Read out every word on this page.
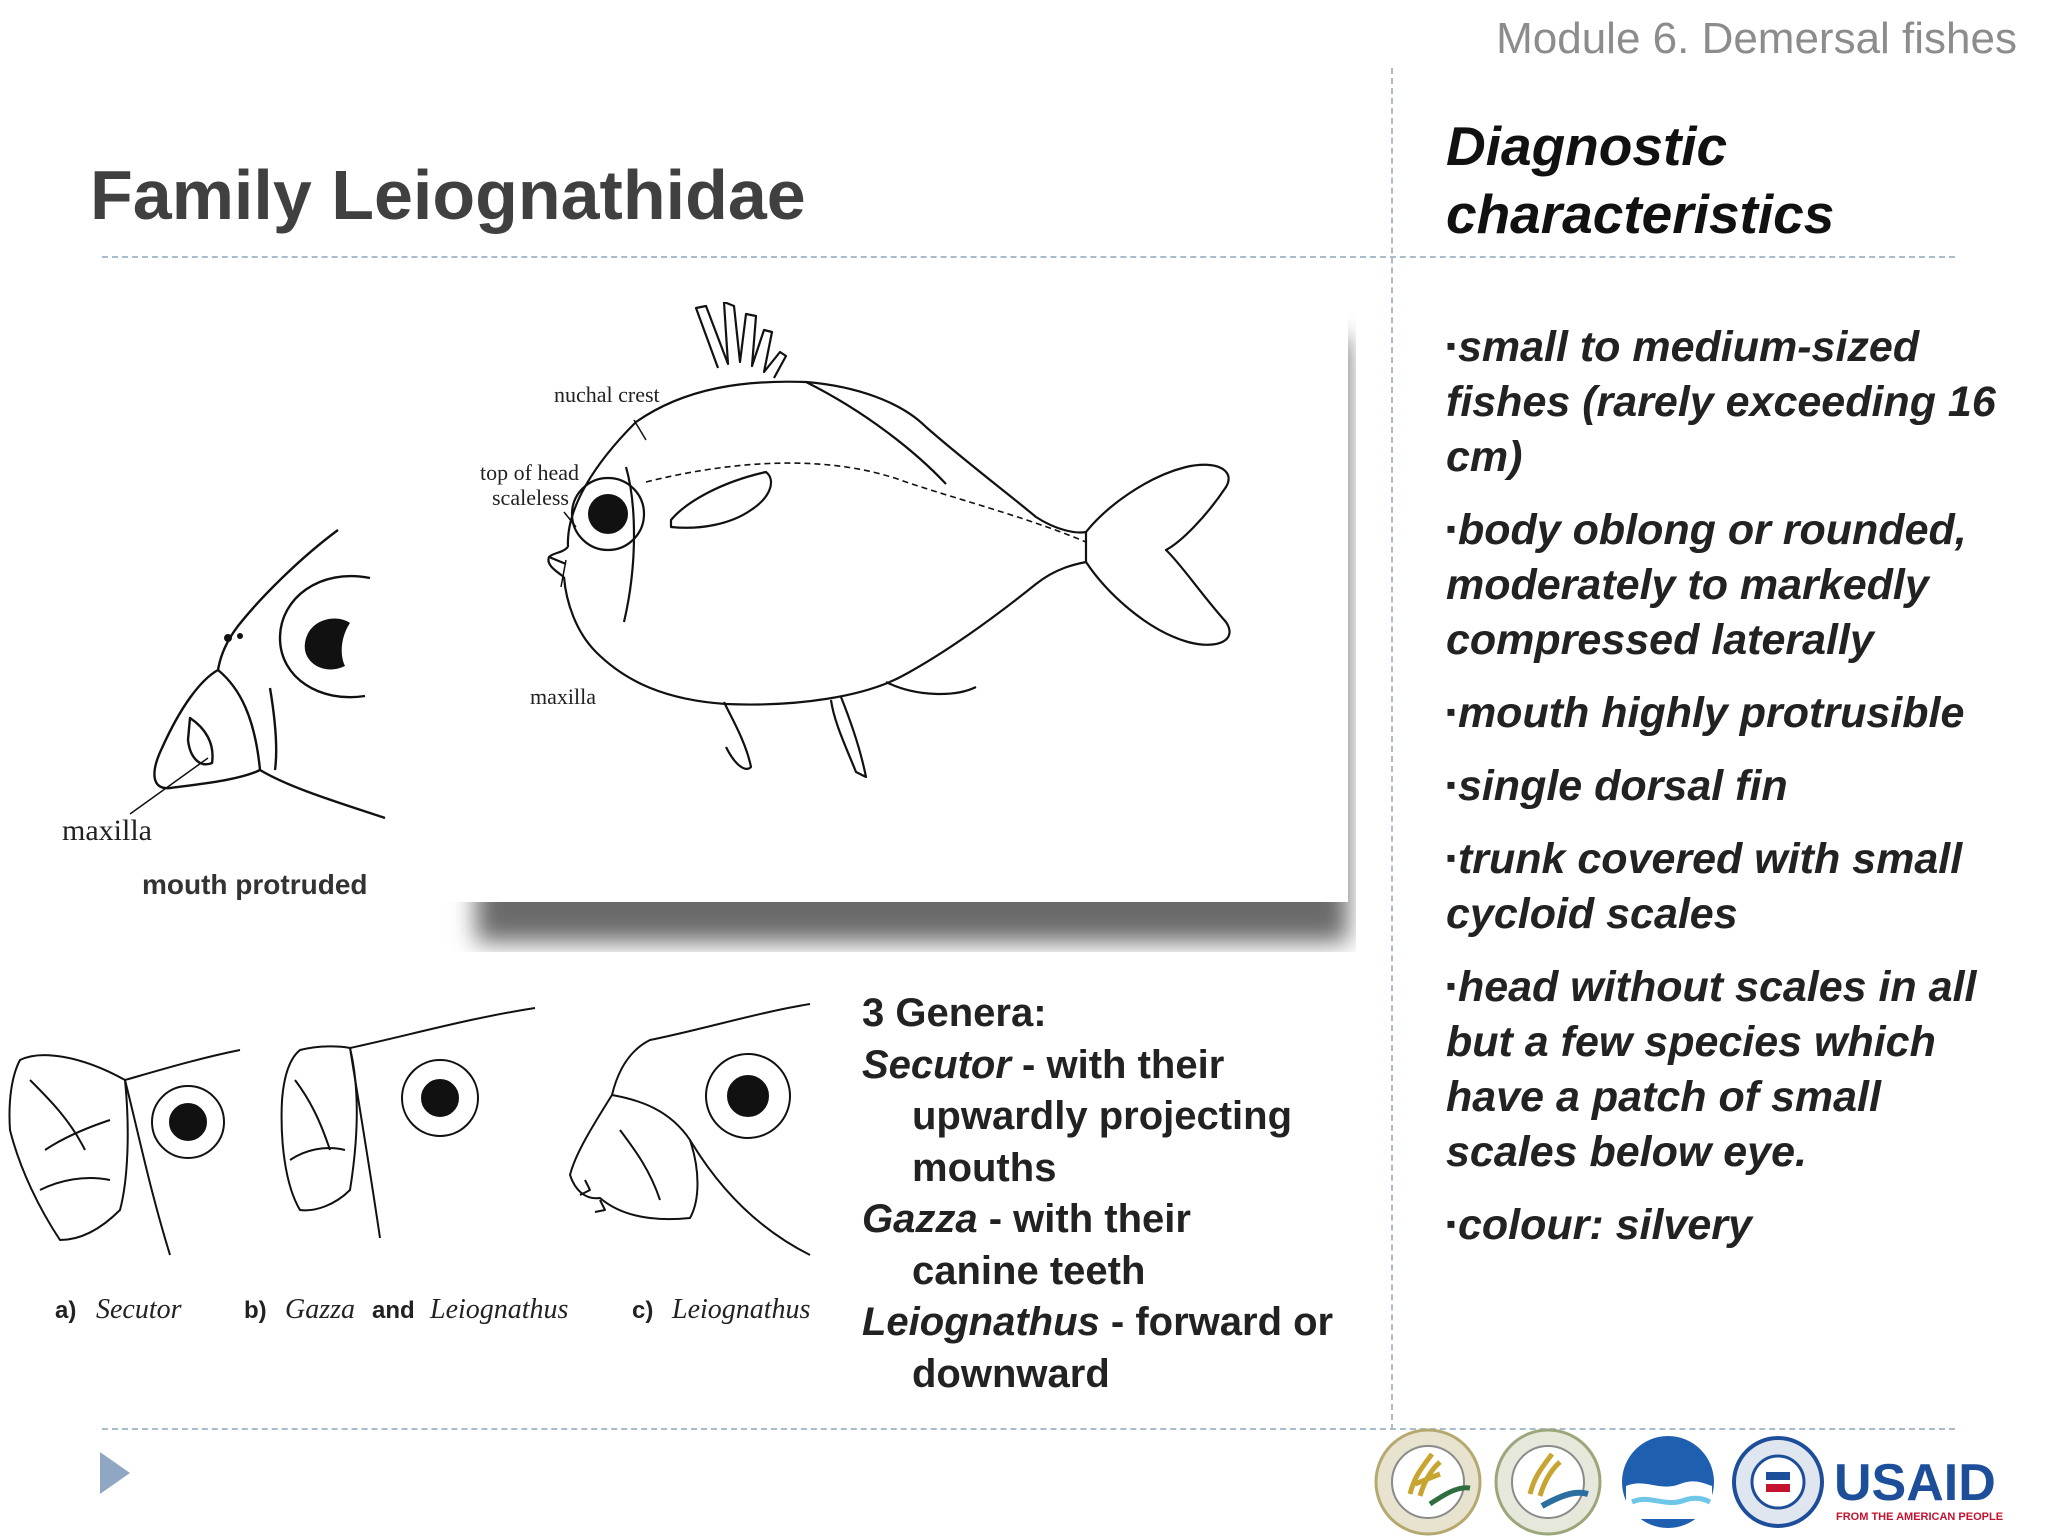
Module 6. Demersal fishes
Family Leiognathidae
Diagnostic
characteristics
▪small to medium-sized fishes (rarely exceeding 16 cm)
▪body oblong or rounded, moderately to markedly compressed laterally
▪mouth highly protrusible
▪single dorsal fin
▪trunk covered with small cycloid scales
▪head without scales in all but a few species which have a patch of small scales below eye.
▪colour: silvery
nuchal crest
top of head
scaleless
maxilla
maxilla
mouth protruded
a) Secutor	b) Gazza and Leiognathus	c) Leiognathus
3 Genera:
Secutor - with their
upwardly projecting
mouths
Gazza - with their
canine teeth
Leiognathus - forward or
downward
USAID
FROM THE AMERICAN PEOPLE
